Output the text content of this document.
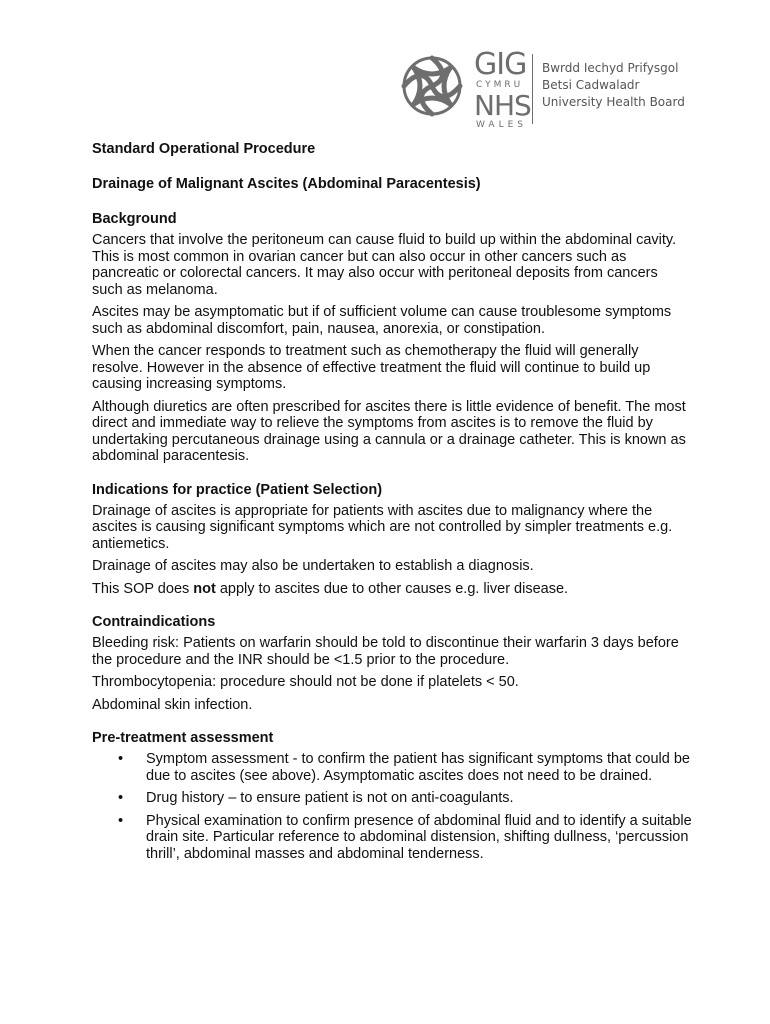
GIG
CYMRU
NHS
WALES
Bwrdd Iechyd Prifysgol
Betsi Cadwaladr
University Health Board
Standard Operational Procedure
Drainage of Malignant Ascites (Abdominal Paracentesis)
Background

Cancers that involve the peritoneum can cause fluid to build up within the abdominal cavity. This is most common in ovarian cancer but can also occur in other cancers such as pancreatic or colorectal cancers. It may also occur with peritoneal deposits from cancers such as melanoma.

Ascites may be asymptomatic but if of sufficient volume can cause troublesome symptoms such as abdominal discomfort, pain, nausea, anorexia, or constipation.

When the cancer responds to treatment such as chemotherapy the fluid will generally resolve. However in the absence of effective treatment the fluid will continue to build up causing increasing symptoms.

Although diuretics are often prescribed for ascites there is little evidence of benefit. The most direct and immediate way to relieve the symptoms from ascites is to remove the fluid by undertaking percutaneous drainage using a cannula or a drainage catheter. This is known as abdominal paracentesis.

Indications for practice (Patient Selection)

Drainage of ascites is appropriate for patients with ascites due to malignancy where the ascites is causing significant symptoms which are not controlled by simpler treatments e.g. antiemetics.

Drainage of ascites may also be undertaken to establish a diagnosis.

This SOP does not apply to ascites due to other causes e.g. liver disease.

Contraindications

Bleeding risk: Patients on warfarin should be told to discontinue their warfarin 3 days before the procedure and the INR should be <1.5 prior to the procedure.

Thrombocytopenia: procedure should not be done if platelets < 50.

Abdominal skin infection.

Pre-treatment assessment
• Symptom assessment - to confirm the patient has significant symptoms that could be due to ascites (see above). Asymptomatic ascites does not need to be drained.
• Drug history – to ensure patient is not on anti-coagulants.
• Physical examination to confirm presence of abdominal fluid and to identify a suitable drain site. Particular reference to abdominal distension, shifting dullness, ‘percussion thrill’, abdominal masses and abdominal tenderness.
